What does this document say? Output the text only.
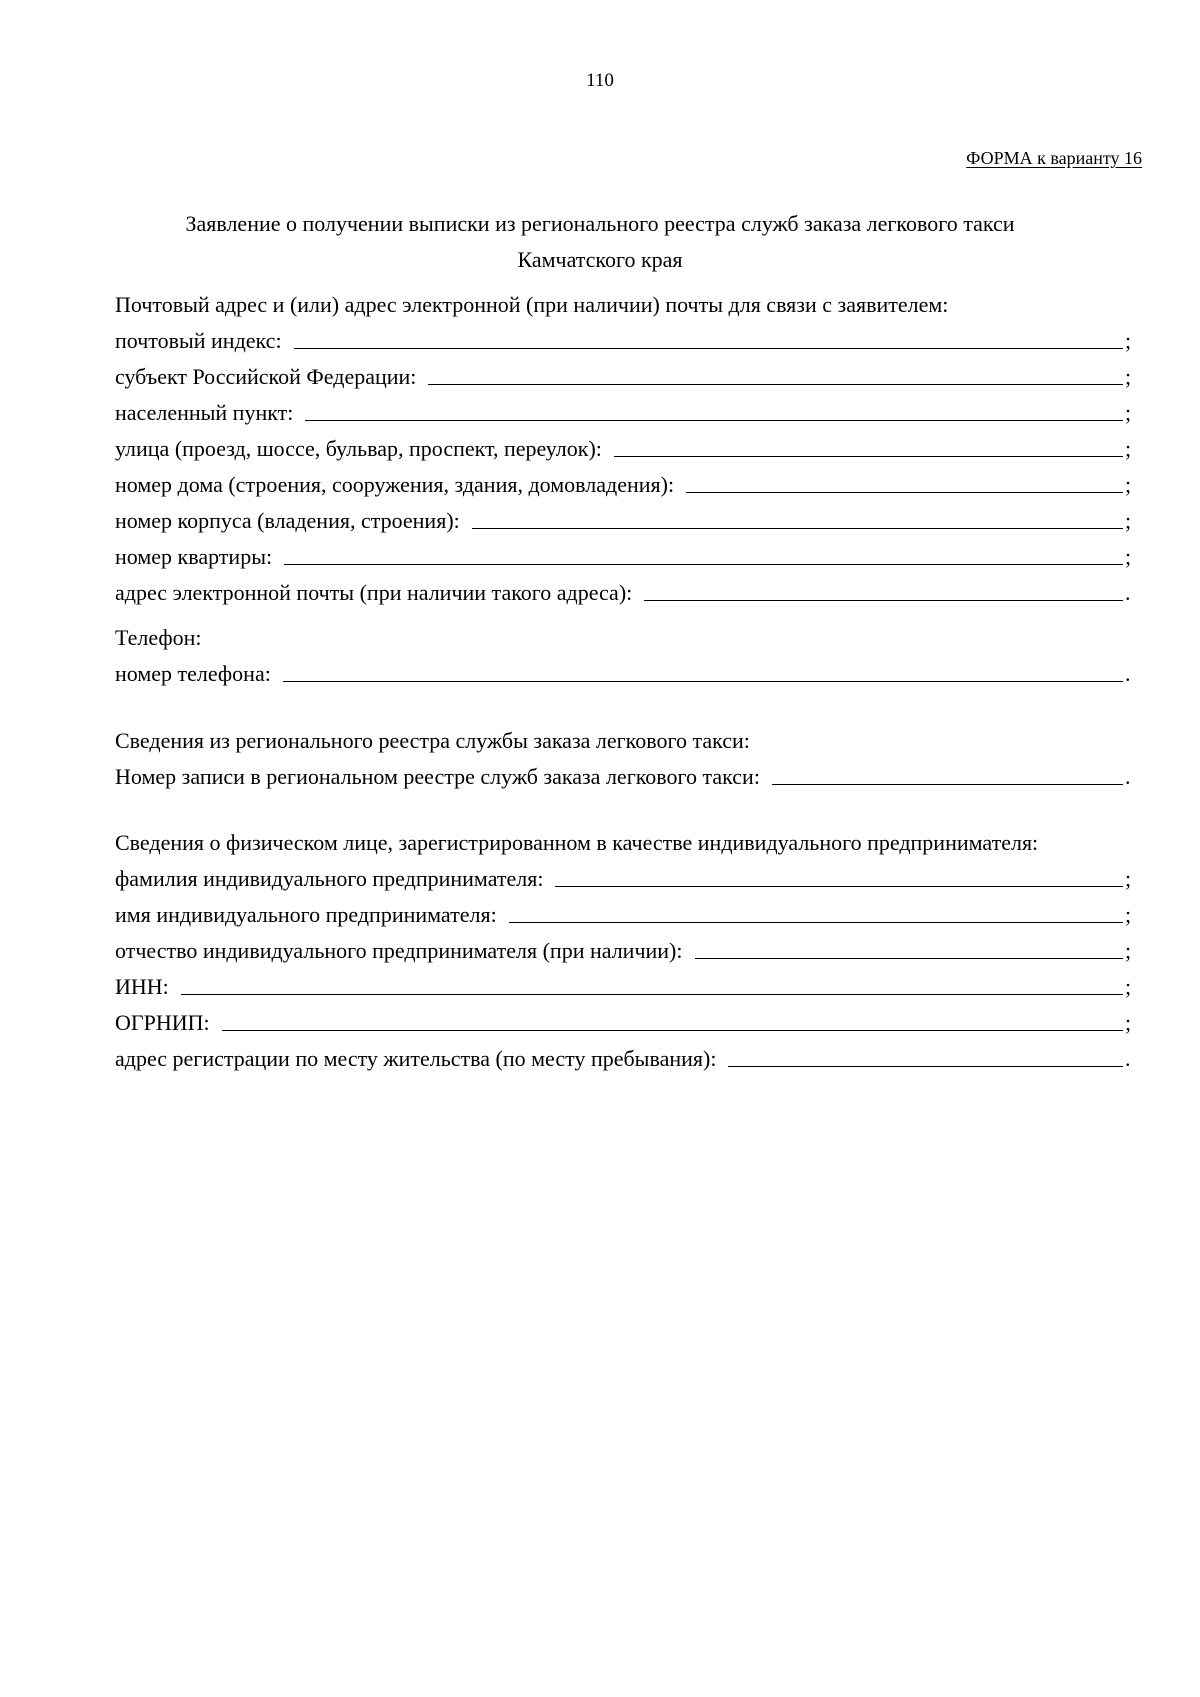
110
ФОРМА к варианту 16
Заявление о получении выписки из регионального реестра служб заказа легкового такси
Камчатского края
Почтовый адрес и (или) адрес электронной (при наличии) почты для связи с заявителем:
почтовый индекс:	;
субъект Российской Федерации:	;
населенный пункт:	;
улица (проезд, шоссе, бульвар, проспект, переулок):	;
номер дома (строения, сооружения, здания, домовладения):	;
номер корпуса (владения, строения):	;
номер квартиры:	;
адрес электронной почты (при наличии такого адреса):	.
Телефон:
номер телефона:	.
Сведения из регионального реестра службы заказа легкового такси:
Номер записи в региональном реестре служб заказа легкового такси:	.
Сведения о физическом лице, зарегистрированном в качестве индивидуального предпринимателя:
фамилия индивидуального предпринимателя:	;
имя индивидуального предпринимателя:	;
отчество индивидуального предпринимателя (при наличии):	;
ИНН:	;
ОГРНИП:	;
адрес регистрации по месту жительства (по месту пребывания):	.
